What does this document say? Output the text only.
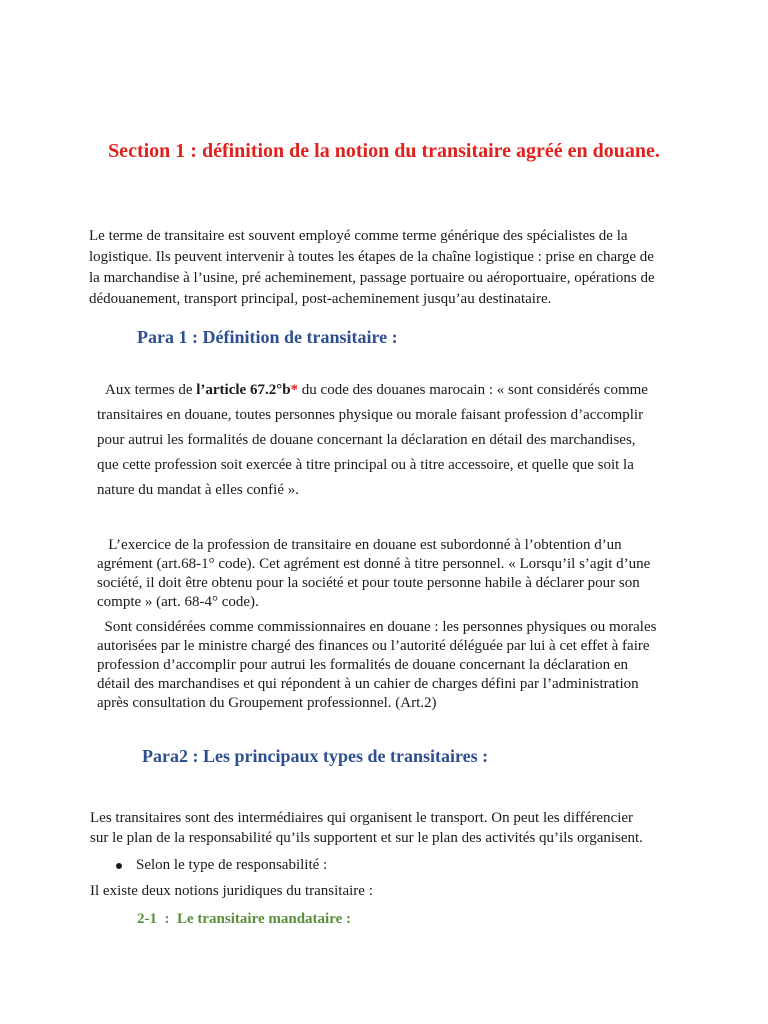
Section 1 : définition de la notion du transitaire agréé en douane.

Le terme de transitaire est souvent employé comme terme générique des spécialistes de la

logistique. Ils peuvent intervenir à toutes les étapes de la chaîne logistique : prise en charge de

la marchandise à l’usine, pré acheminement, passage portuaire ou aéroportuaire, opérations de

dédouanement, transport principal, post-acheminement jusqu’au destinataire.

Para 1 : Définition de transitaire :

Aux termes de l’article 67.2°b* du code des douanes marocain : « sont considérés comme

transitaires en douane, toutes personnes physique ou morale faisant profession d’accomplir

pour autrui les formalités de douane concernant la déclaration en détail des marchandises,

que cette profession soit exercée à titre principal ou à titre accessoire, et quelle que soit la

nature du mandat à elles confié ».

L’exercice de la profession de transitaire en douane est subordonné à l’obtention d’un

agrément (art.68-1° code). Cet agrément est donné à titre personnel. « Lorsqu’il s’agit d’une

société, il doit être obtenu pour la société et pour toute personne habile à déclarer pour son

compte » (art. 68-4° code).

Sont considérées comme commissionnaires en douane : les personnes physiques ou morales

autorisées par le ministre chargé des finances ou l’autorité déléguée par lui à cet effet à faire

profession d’accomplir pour autrui les formalités de douane concernant la déclaration en

détail des marchandises et qui répondent à un cahier de charges défini par l’administration

après consultation du Groupement professionnel. (Art.2)

Para2 : Les principaux types de transitaires :

Les transitaires sont des intermédiaires qui organisent le transport. On peut les différencier

sur le plan de la responsabilité qu’ils supportent et sur le plan des activités qu’ils organisent.

Selon le type de responsabilité :

Il existe deux notions juridiques du transitaire :

2-1  :  Le transitaire mandataire :
